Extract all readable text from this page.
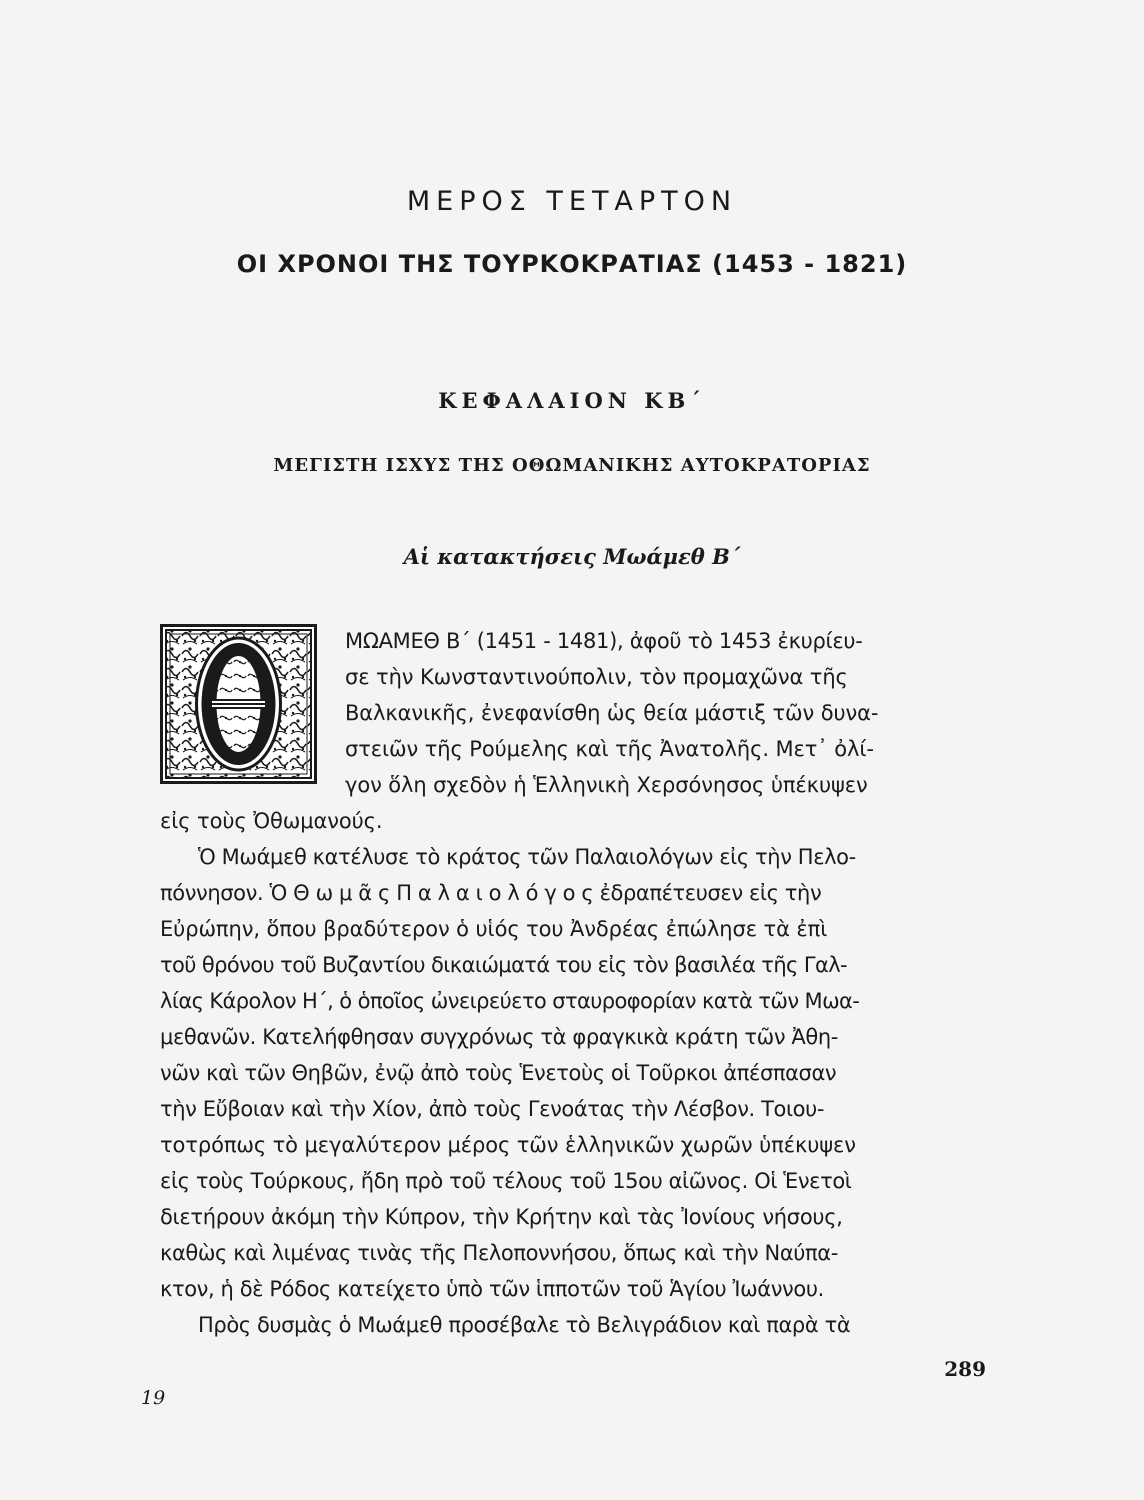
ΜΕΡΟΣ ΤΕΤΑΡΤΟΝ
ΟΙ ΧΡΟΝΟΙ ΤΗΣ ΤΟΥΡΚΟΚΡΑΤΙΑΣ (1453 - 1821)
ΚΕΦΑΛΑΙΟΝ ΚΒ΄
ΜΕΓΙΣΤΗ ΙΣΧΥΣ ΤΗΣ ΟΘΩΜΑΝΙΚΗΣ ΑΥΤΟΚΡΑΤΟΡΙΑΣ
Αἱ κατακτήσεις Μωάμεθ Β΄
ΜΩΑΜΕΘ Β΄ (1451 - 1481), ἀφοῦ τὸ 1453 ἐκυρίευ-
σε τὴν Κωνσταντινούπολιν, τὸν προμαχῶνα τῆς
Βαλκανικῆς, ἐνεφανίσθη ὡς θεία μάστιξ τῶν δυνα-
στειῶν τῆς Ρούμελης καὶ τῆς Ἀνατολῆς. Μετ᾽ ὀλί-
γον ὅλη σχεδὸν ἡ Ἑλληνικὴ Χερσόνησος ὑπέκυψεν
εἰς τοὺς Ὀθωμανούς.
Ὁ Μωάμεθ κατέλυσε τὸ κράτος τῶν Παλαιολόγων εἰς τὴν Πελο-
πόννησον. Ὁ Θ ω μ ᾶ ς Π α λ α ι ο λ ό γ ο ς ἐδραπέτευσεν εἰς τὴν
Εὐρώπην, ὅπου βραδύτερον ὁ υἱός του Ἀνδρέας ἐπώλησε τὰ ἐπὶ
τοῦ θρόνου τοῦ Βυζαντίου δικαιώματά του εἰς τὸν βασιλέα τῆς Γαλ-
λίας Κάρολον Η΄, ὁ ὁποῖος ὠνειρεύετο σταυροφορίαν κατὰ τῶν Μωα-
μεθανῶν. Κατελήφθησαν συγχρόνως τὰ φραγκικὰ κράτη τῶν Ἀθη-
νῶν καὶ τῶν Θηβῶν, ἐνῷ ἀπὸ τοὺς Ἑνετοὺς οἱ Τοῦρκοι ἀπέσπασαν
τὴν Εὔβοιαν καὶ τὴν Χίον, ἀπὸ τοὺς Γενοάτας τὴν Λέσβον. Τοιου-
τοτρόπως τὸ μεγαλύτερον μέρος τῶν ἑλληνικῶν χωρῶν ὑπέκυψεν
εἰς τοὺς Τούρκους, ἤδη πρὸ τοῦ τέλους τοῦ 15ου αἰῶνος. Οἱ Ἑνετοὶ
διετήρουν ἀκόμη τὴν Κύπρον, τὴν Κρήτην καὶ τὰς Ἰονίους νήσους,
καθὼς καὶ λιμένας τινὰς τῆς Πελοποννήσου, ὅπως καὶ τὴν Ναύπα-
κτον, ἡ δὲ Ρόδος κατείχετο ὑπὸ τῶν ἱπποτῶν τοῦ Ἁγίου Ἰωάννου.
Πρὸς δυσμὰς ὁ Μωάμεθ προσέβαλε τὸ Βελιγράδιον καὶ παρὰ τὰ
289
19
